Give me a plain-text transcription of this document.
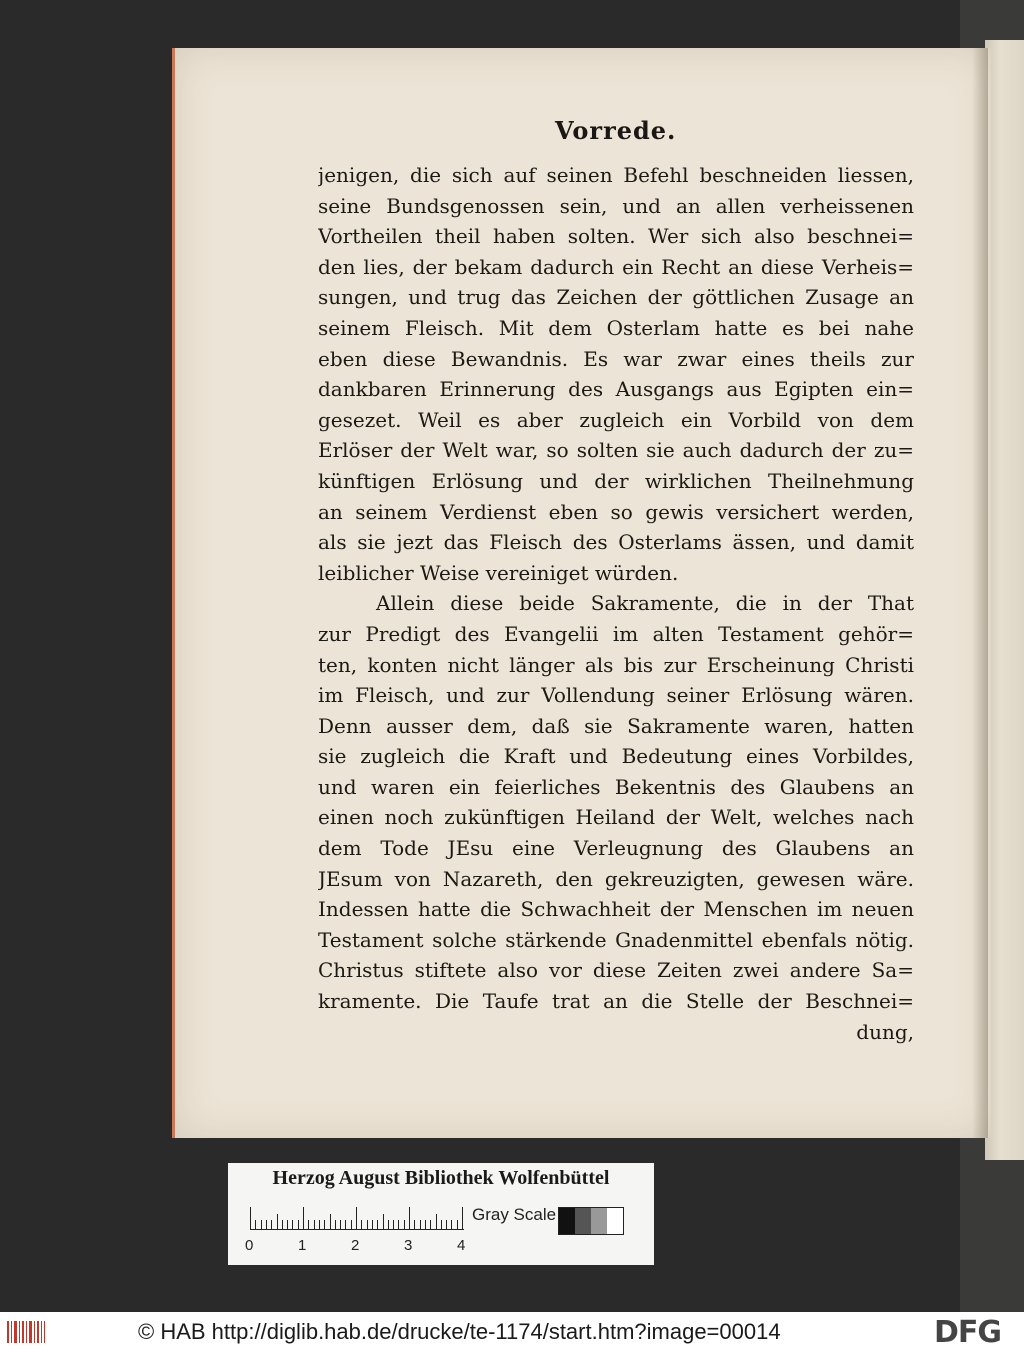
Vorrede.
jenigen, die sich auf seinen Befehl beschneiden liessen,
seine Bundsgenossen sein, und an allen verheissenen
Vortheilen theil haben solten. Wer sich also beschnei=
den lies, der bekam dadurch ein Recht an diese Verheis=
sungen, und trug das Zeichen der göttlichen Zusage an
seinem Fleisch. Mit dem Osterlam hatte es bei nahe
eben diese Bewandnis. Es war zwar eines theils zur
dankbaren Erinnerung des Ausgangs aus Egipten ein=
gesezet. Weil es aber zugleich ein Vorbild von dem
Erlöser der Welt war, so solten sie auch dadurch der zu=
künftigen Erlösung und der wirklichen Theilnehmung
an seinem Verdienst eben so gewis versichert werden,
als sie jezt das Fleisch des Osterlams ässen, und damit
leiblicher Weise vereiniget würden.
Allein diese beide Sakramente, die in der That
zur Predigt des Evangelii im alten Testament gehör=
ten, konten nicht länger als bis zur Erscheinung Christi
im Fleisch, und zur Vollendung seiner Erlösung wären.
Denn ausser dem, daß sie Sakramente waren, hatten
sie zugleich die Kraft und Bedeutung eines Vorbildes,
und waren ein feierliches Bekentnis des Glaubens an
einen noch zukünftigen Heiland der Welt, welches nach
dem Tode JEsu eine Verleugnung des Glaubens an
JEsum von Nazareth, den gekreuzigten, gewesen wäre.
Indessen hatte die Schwachheit der Menschen im neuen
Testament solche stärkende Gnadenmittel ebenfals nötig.
Christus stiftete also vor diese Zeiten zwei andere Sa=
kramente. Die Taufe trat an die Stelle der Beschnei=
dung,
Herzog August Bibliothek Wolfenbüttel
0	1	2	3	4
Gray Scale
© HAB http://diglib.hab.de/drucke/te-1174/start.htm?image=00014	DFG
